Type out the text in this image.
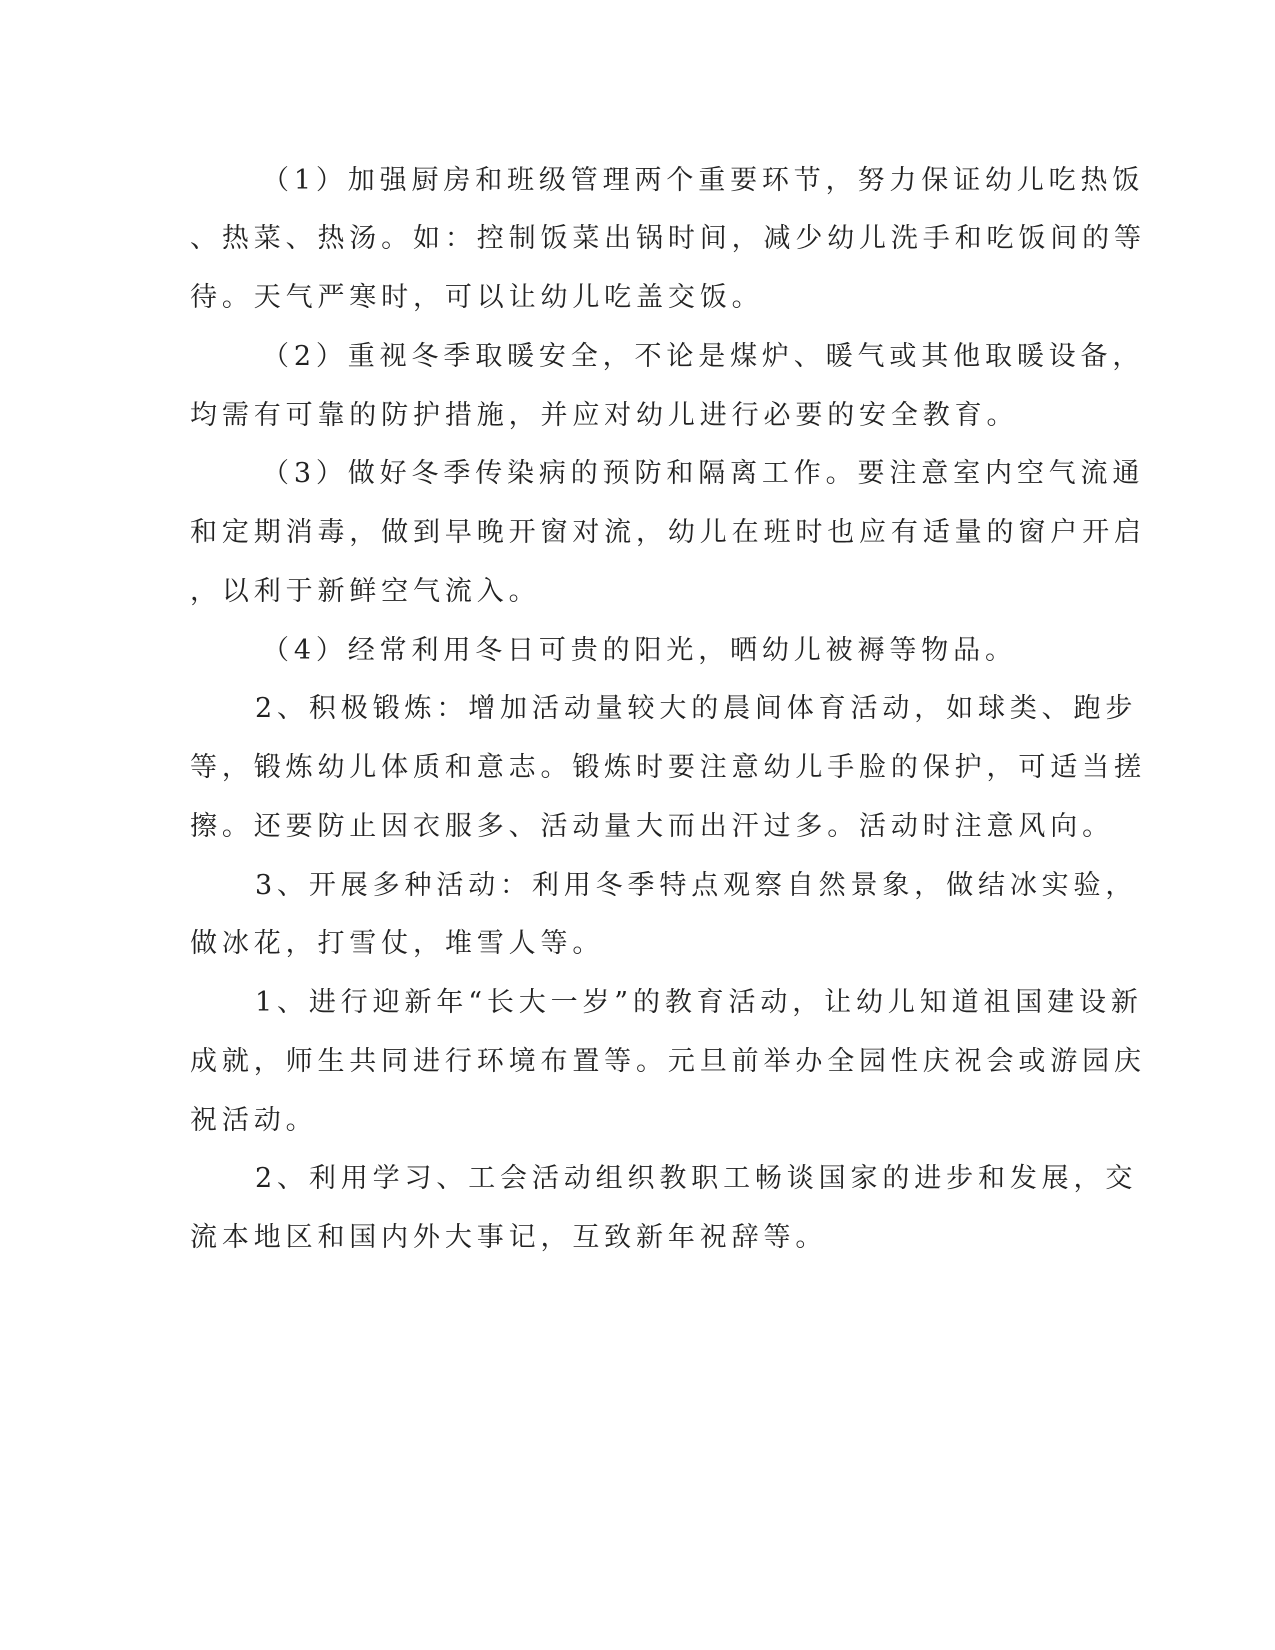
（1）加强厨房和班级管理两个重要环节，努力保证幼儿吃热饭

、热菜、热汤。如：控制饭菜出锅时间，减少幼儿洗手和吃饭间的等

待。天气严寒时，可以让幼儿吃盖交饭。

（2）重视冬季取暖安全，不论是煤炉、暖气或其他取暖设备，

均需有可靠的防护措施，并应对幼儿进行必要的安全教育。

（3）做好冬季传染病的预防和隔离工作。要注意室内空气流通

和定期消毒，做到早晚开窗对流，幼儿在班时也应有适量的窗户开启

，以利于新鲜空气流入。

（4）经常利用冬日可贵的阳光，晒幼儿被褥等物品。

2、积极锻炼：增加活动量较大的晨间体育活动，如球类、跑步

等，锻炼幼儿体质和意志。锻炼时要注意幼儿手脸的保护，可适当搓

擦。还要防止因衣服多、活动量大而出汗过多。活动时注意风向。

3、开展多种活动：利用冬季特点观察自然景象，做结冰实验，

做冰花，打雪仗，堆雪人等。

1、进行迎新年“长大一岁”的教育活动，让幼儿知道祖国建设新

成就，师生共同进行环境布置等。元旦前举办全园性庆祝会或游园庆

祝活动。

2、利用学习、工会活动组织教职工畅谈国家的进步和发展，交

流本地区和国内外大事记，互致新年祝辞等。
